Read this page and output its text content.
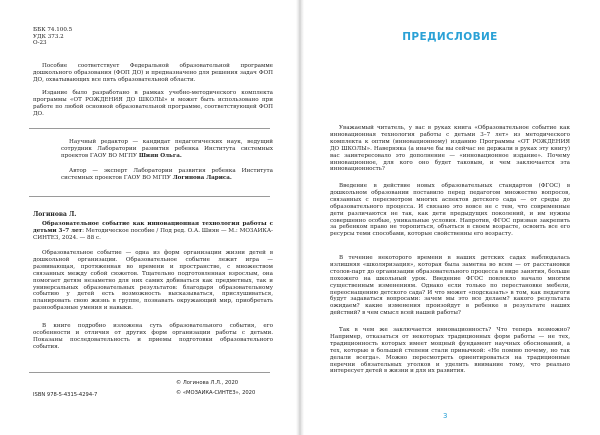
ББК 74.100.5
УДК 373.2
О-23

Пособие соответствует Федеральной образовательной программе дошкольного образования (ФОП ДО) и предназначено для решения задач ФОП ДО, охватывающих все пять образовательной области.

Издание было разработано в рамках учебно-методического комплекта программы «ОТ РОЖДЕНИЯ ДО ШКОЛЫ» и может быть использовано при работе по любой основной образовательной программе, соответствующей ФОП ДО.

Научный редактор — кандидат педагогических наук, ведущий сотрудник Лаборатории развития ребенка Института системных проектов ГАОУ ВО МГПУ Шиян Ольга.

Автор — эксперт Лаборатории развития ребенка Института системных проектов ГАОУ ВО МГПУ Логинова Лариса.

Логинова Л.

Образовательное событие как инновационная технология работы с детьми 3–7 лет: Методическое пособие / Под ред. О.А. Шиян — М.: МОЗАИКА-СИНТЕЗ, 2024. — 88 с.

Образовательное событие — одна из форм организации жизни детей в дошкольной организации. Образовательное событие лежит игра — развивающая, протяженная во времени и пространстве, с множеством связанных между собой сюжетов. Тщательно подготовленная взрослым, она помогает детям незаметно для них самих добиваться как предметных, так и универсальных образовательных результатов: благодаря образовательному событию у детей есть возможность высказываться, прислушиваться, планировать свою жизнь в группе, познавать окружающий мир, приобретать разнообразные умения и навыки.

В книге подробно изложена суть образовательного события, его особенности и отличия от других форм организации работы с детьми. Показаны последовательность и приемы подготовки образовательного события.

ISBN 978-5-4315-4294-7
© Логинова Л.Л., 2020
© «МОЗАИКА-СИНТЕЗ», 2020
ПРЕДИСЛОВИЕ

Уважаемый читатель, у вас в руках книга «Образовательное событие как инновационная технология работы с детьми 3–7 лет» из методического комплекта к оптим (инновационному) изданию Программы «ОТ РОЖДЕНИЯ ДО ШКОЛЫ». Наверняка (а иначе бы вы сейчас не держали в руках эту книгу) вас заинтересовало это дополнение — «инновационное издание». Почему инновационное, для кого оно будет таковым, и чем заключается эта инновационность?

Введение в действие новых образовательных стандартов (ФГОС) в дошкольном образовании поставило перед педагогом множество вопросов, связанных с пересмотром многих аспектов детского сада — от среды до образовательного процесса. И связано это вовсе не с тем, что современные дети различаются не так, как дети предыдущих поколений, и им нужны совершенно особые, уникальные условия. Напротив, ФГОС призван закрепить за ребенком право не торопиться, объяться в своем возрасте, освоить все его ресурсы теми способами, которые свойственны его возрасту.

В течение некоторого времени в наших детских садах наблюдалась излишняя «школяризация», которая была заметна во всем — от расстановки столов-парт до организации образовательного процесса в виде занятия, больше похожего на школьный урок. Введение ФГОС повлекло начало многим существенным изменениям. Однако если только по перестановке мебели, переоснащению детского сада? И что может «подсказать» в том, как педагоги будут задаваться вопросами: зачем мы это все делаем? какого результата ожидаем? какие изменения произойдут в ребенке в результате наших действий? в чем смысл всей нашей работы?

Так в чем же заключается инновационность? Что теперь возможно? Например, отказаться от некоторых традиционных форм работы — не тех, традиционность которых имеет мощный фундамент научных обоснований, а тех, которые в большей степени стали привычкой: «Не помню почему, но так делали всегда». Можно пересмотреть ориентироваться на традиционные перечни обязательных уголков и уделить внимание тому, что реально интересует детей в жизни и для их развития.

3
